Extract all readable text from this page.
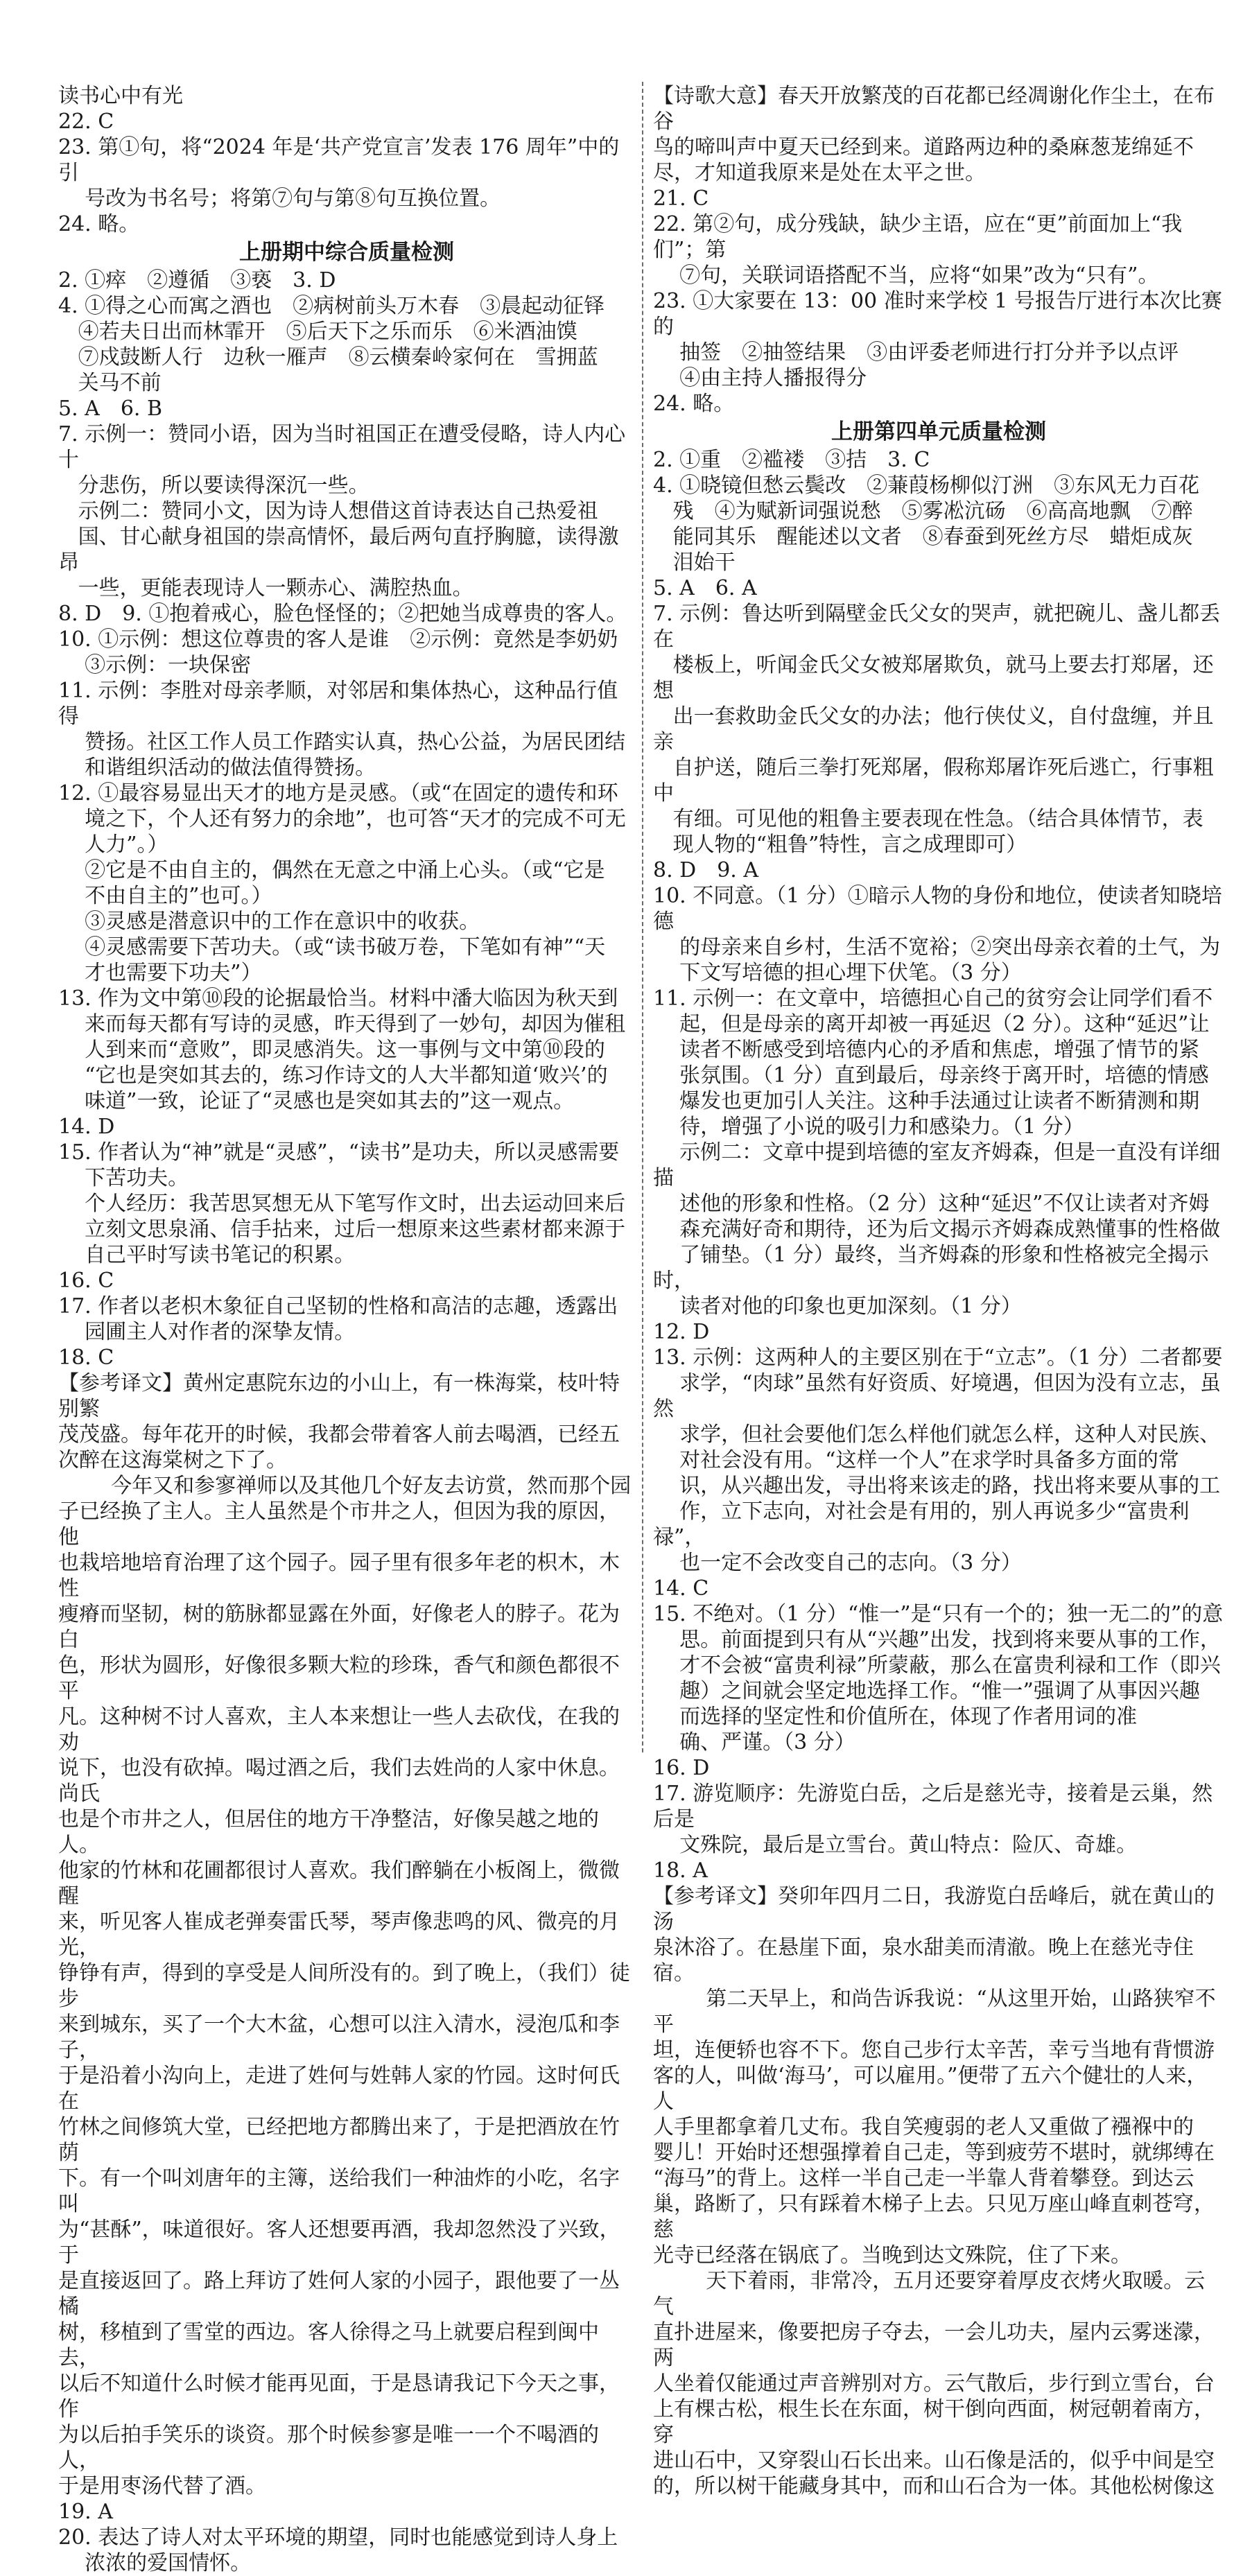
读书心中有光
22. C
23. 第①句，将“2024 年是‘共产党宣言’发表 176 周年”中的引
号改为书名号；将第⑦句与第⑧句互换位置。
24. 略。
上册期中综合质量检测
2. ①瘁　②遵循　③亵　3. D
4. ①得之心而寓之酒也　②病树前头万木春　③晨起动征铎
④若夫日出而林霏开　⑤后天下之乐而乐　⑥米酒油馍
⑦戍鼓断人行　边秋一雁声　⑧云横秦岭家何在　雪拥蓝
关马不前
5. A　6. B
7. 示例一：赞同小语，因为当时祖国正在遭受侵略，诗人内心十
分悲伤，所以要读得深沉一些。
示例二：赞同小文，因为诗人想借这首诗表达自己热爱祖
国、甘心献身祖国的崇高情怀，最后两句直抒胸臆，读得激昂
一些，更能表现诗人一颗赤心、满腔热血。
8. D　9. ①抱着戒心，脸色怪怪的；②把她当成尊贵的客人。
10. ①示例：想这位尊贵的客人是谁　②示例：竟然是李奶奶
③示例：一块保密
11. 示例：李胜对母亲孝顺，对邻居和集体热心，这种品行值得
赞扬。社区工作人员工作踏实认真，热心公益，为居民团结
和谐组织活动的做法值得赞扬。
12. ①最容易显出天才的地方是灵感。（或“在固定的遗传和环
境之下，个人还有努力的余地”，也可答“天才的完成不可无
人力”。）
②它是不由自主的，偶然在无意之中涌上心头。（或“它是
不由自主的”也可。）
③灵感是潜意识中的工作在意识中的收获。
④灵感需要下苦功夫。（或“读书破万卷，下笔如有神”“天
才也需要下功夫”）
13. 作为文中第⑩段的论据最恰当。材料中潘大临因为秋天到
来而每天都有写诗的灵感，昨天得到了一妙句，却因为催租
人到来而“意败”，即灵感消失。这一事例与文中第⑩段的
“它也是突如其去的，练习作诗文的人大半都知道‘败兴’的
味道”一致，论证了“灵感也是突如其去的”这一观点。
14. D
15. 作者认为“神”就是“灵感”，“读书”是功夫，所以灵感需要
下苦功夫。
个人经历：我苦思冥想无从下笔写作文时，出去运动回来后
立刻文思泉涌、信手拈来，过后一想原来这些素材都来源于
自己平时写读书笔记的积累。
16. C
17. 作者以老枳木象征自己坚韧的性格和高洁的志趣，透露出
园圃主人对作者的深挚友情。
18. C
【参考译文】黄州定惠院东边的小山上，有一株海棠，枝叶特别繁
茂茂盛。每年花开的时候，我都会带着客人前去喝酒，已经五
次醉在这海棠树之下了。
今年又和参寥禅师以及其他几个好友去访赏，然而那个园
子已经换了主人。主人虽然是个市井之人，但因为我的原因，他
也栽培地培育治理了这个园子。园子里有很多年老的枳木，木性
瘦瘠而坚韧，树的筋脉都显露在外面，好像老人的脖子。花为白
色，形状为圆形，好像很多颗大粒的珍珠，香气和颜色都很不平
凡。这种树不讨人喜欢，主人本来想让一些人去砍伐，在我的劝
说下，也没有砍掉。喝过酒之后，我们去姓尚的人家中休息。尚氏
也是个市井之人，但居住的地方干净整洁，好像吴越之地的人。
他家的竹林和花圃都很讨人喜欢。我们醉躺在小板阁上，微微醒
来，听见客人崔成老弹奏雷氏琴，琴声像悲鸣的风、微亮的月光，
铮铮有声，得到的享受是人间所没有的。到了晚上，（我们）徒步
来到城东，买了一个大木盆，心想可以注入清水，浸泡瓜和李子，
于是沿着小沟向上，走进了姓何与姓韩人家的竹园。这时何氏在
竹林之间修筑大堂，已经把地方都腾出来了，于是把酒放在竹荫
下。有一个叫刘唐年的主簿，送给我们一种油炸的小吃，名字叫
为“甚酥”，味道很好。客人还想要再酒，我却忽然没了兴致，于
是直接返回了。路上拜访了姓何人家的小园子，跟他要了一丛橘
树，移植到了雪堂的西边。客人徐得之马上就要启程到闽中去，
以后不知道什么时候才能再见面，于是恳请我记下今天之事，作
为以后拍手笑乐的谈资。那个时候参寥是唯一一个不喝酒的人，
于是用枣汤代替了酒。
19. A
20. 表达了诗人对太平环境的期望，同时也能感觉到诗人身上
浓浓的爱国情怀。
【诗歌大意】春天开放繁茂的百花都已经凋谢化作尘土，在布谷
鸟的啼叫声中夏天已经到来。道路两边种的桑麻葱茏绵延不
尽，才知道我原来是处在太平之世。
21. C
22. 第②句，成分残缺，缺少主语，应在“更”前面加上“我们”；第
⑦句，关联词语搭配不当，应将“如果”改为“只有”。
23. ①大家要在 13：00 准时来学校 1 号报告厅进行本次比赛的
抽签　②抽签结果　③由评委老师进行打分并予以点评
④由主持人播报得分
24. 略。
上册第四单元质量检测
2. ①重　②褴褛　③拮　3. C
4. ①晓镜但愁云鬓改　②蒹葭杨柳似汀洲　③东风无力百花
残　④为赋新词强说愁　⑤雾凇沆砀　⑥高高地飘　⑦醉
能同其乐　醒能述以文者　⑧春蚕到死丝方尽　蜡炬成灰
泪始干
5. A　6. A
7. 示例：鲁达听到隔壁金氏父女的哭声，就把碗儿、盏儿都丢在
楼板上，听闻金氏父女被郑屠欺负，就马上要去打郑屠，还想
出一套救助金氏父女的办法；他行侠仗义，自付盘缠，并且亲
自护送，随后三拳打死郑屠，假称郑屠诈死后逃亡，行事粗中
有细。可见他的粗鲁主要表现在性急。（结合具体情节，表
现人物的“粗鲁”特性，言之成理即可）
8. D　9. A
10. 不同意。（1 分）①暗示人物的身份和地位，使读者知晓培德
的母亲来自乡村，生活不宽裕；②突出母亲衣着的土气，为
下文写培德的担心埋下伏笔。（3 分）
11. 示例一：在文章中，培德担心自己的贫穷会让同学们看不
起，但是母亲的离开却被一再延迟（2 分）。这种“延迟”让
读者不断感受到培德内心的矛盾和焦虑，增强了情节的紧
张氛围。（1 分）直到最后，母亲终于离开时，培德的情感
爆发也更加引人关注。这种手法通过让读者不断猜测和期
待，增强了小说的吸引力和感染力。（1 分）
示例二：文章中提到培德的室友齐姆森，但是一直没有详细描
述他的形象和性格。（2 分）这种“延迟”不仅让读者对齐姆
森充满好奇和期待，还为后文揭示齐姆森成熟懂事的性格做
了铺垫。（1 分）最终，当齐姆森的形象和性格被完全揭示时，
读者对他的印象也更加深刻。（1 分）
12. D
13. 示例：这两种人的主要区别在于“立志”。（1 分）二者都要
求学，“肉球”虽然有好资质、好境遇，但因为没有立志，虽然
求学，但社会要他们怎么样他们就怎么样，这种人对民族、
对社会没有用。“这样一个人”在求学时具备多方面的常
识，从兴趣出发，寻出将来该走的路，找出将来要从事的工
作，立下志向，对社会是有用的，别人再说多少“富贵利禄”，
也一定不会改变自己的志向。（3 分）
14. C
15. 不绝对。（1 分）“惟一”是“只有一个的；独一无二的”的意
思。前面提到只有从“兴趣”出发，找到将来要从事的工作，
才不会被“富贵利禄”所蒙蔽，那么在富贵利禄和工作（即兴
趣）之间就会坚定地选择工作。“惟一”强调了从事因兴趣
而选择的坚定性和价值所在，体现了作者用词的准
确、严谨。（3 分）
16. D
17. 游览顺序：先游览白岳，之后是慈光寺，接着是云巢，然后是
文殊院，最后是立雪台。黄山特点：险仄、奇雄。
18. A
【参考译文】癸卯年四月二日，我游览白岳峰后，就在黄山的汤
泉沐浴了。在悬崖下面，泉水甜美而清澈。晚上在慈光寺住宿。
第二天早上，和尚告诉我说：“从这里开始，山路狭窄不平
坦，连便轿也容不下。您自己步行太辛苦，幸亏当地有背惯游
客的人，叫做‘海马’，可以雇用。”便带了五六个健壮的人来，人
人手里都拿着几丈布。我自笑瘦弱的老人又重做了襁褓中的
婴儿！开始时还想强撑着自己走，等到疲劳不堪时，就绑缚在
“海马”的背上。这样一半自己走一半靠人背着攀登。到达云
巢，路断了，只有踩着木梯子上去。只见万座山峰直刺苍穹，慈
光寺已经落在锅底了。当晚到达文殊院，住了下来。
天下着雨，非常冷，五月还要穿着厚皮衣烤火取暖。云气
直扑进屋来，像要把房子夺去，一会儿功夫，屋内云雾迷濛，两
人坐着仅能通过声音辨别对方。云气散后，步行到立雪台，台
上有棵古松，根生长在东面，树干倒向西面，树冠朝着南方，穿
进山石中，又穿裂山石长出来。山石像是活的，似乎中间是空
的，所以树干能藏身其中，而和山石合为一体。其他松树像这
